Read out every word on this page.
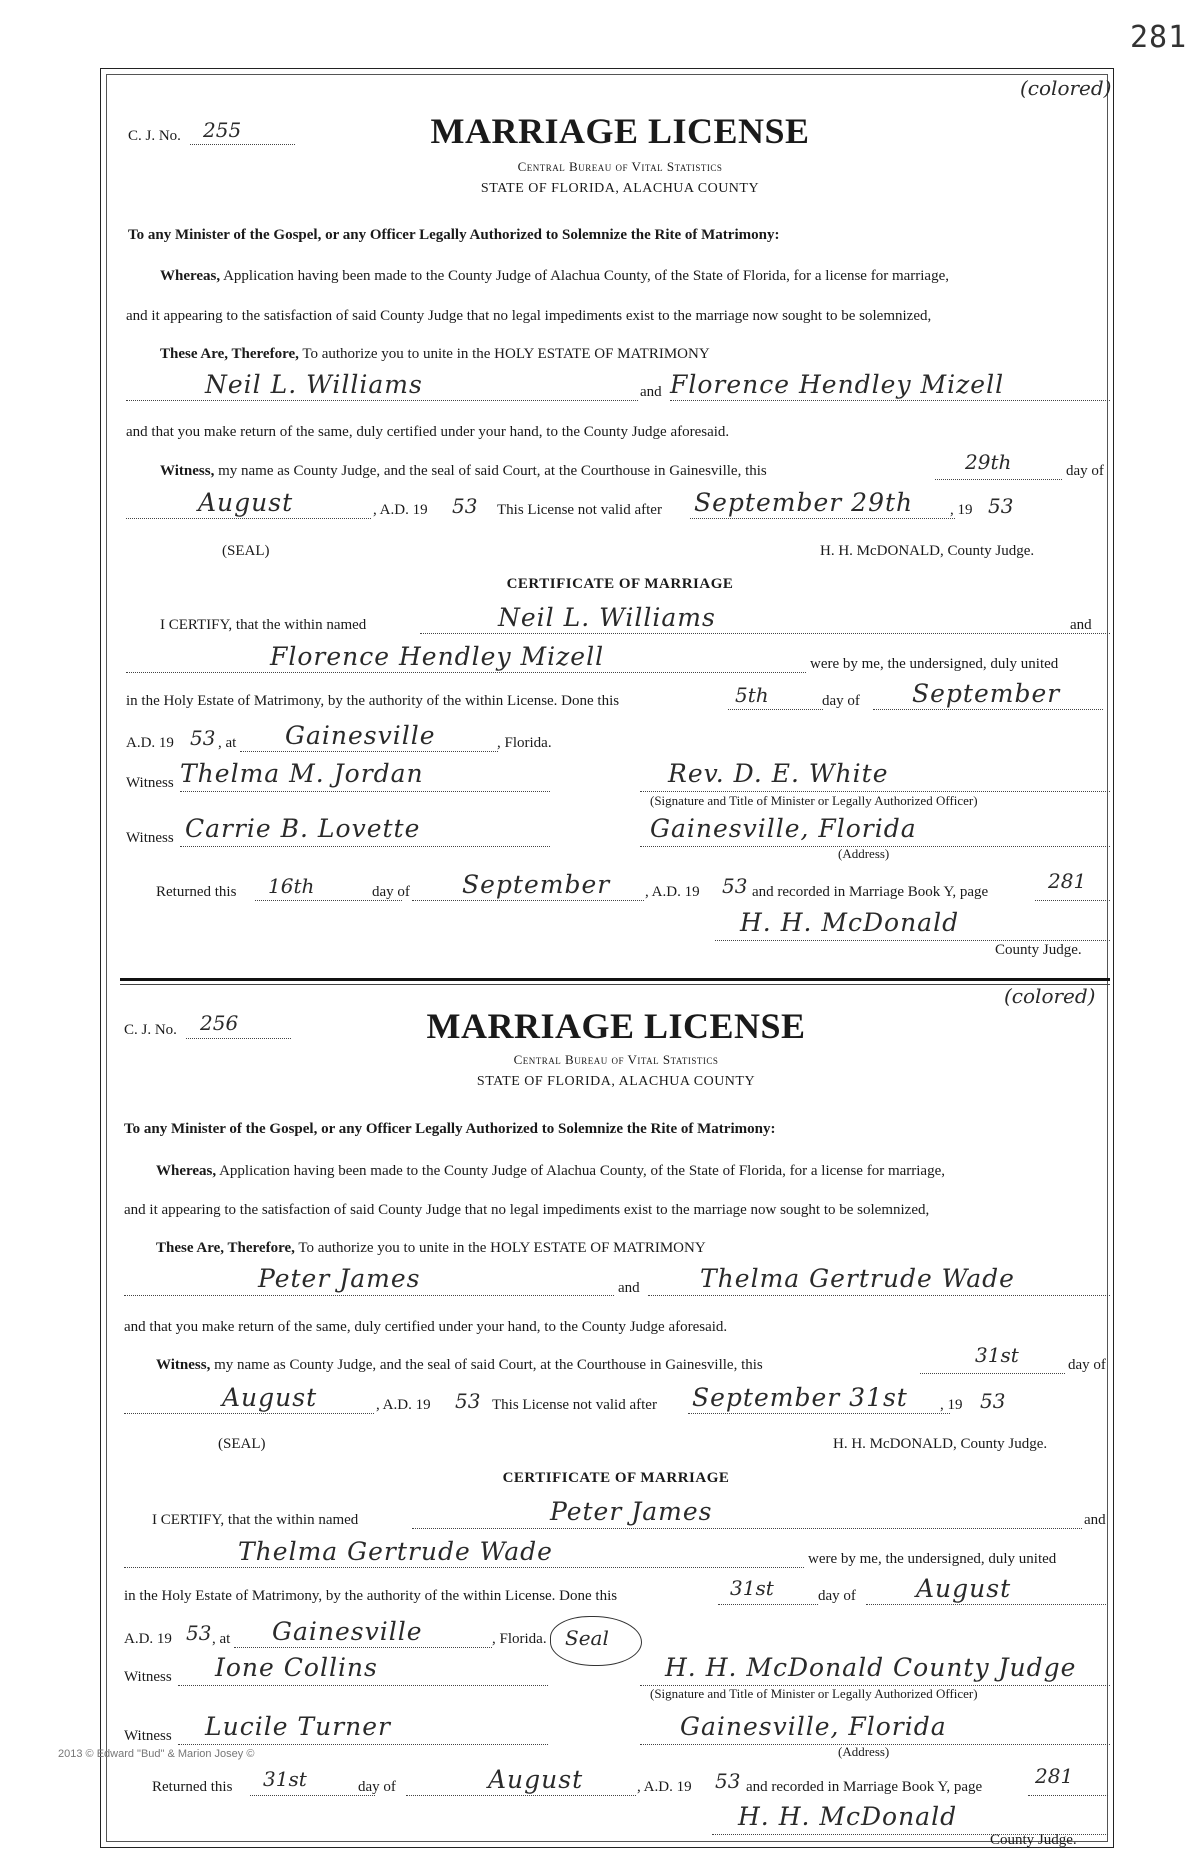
281
(colored)
C. J. No. 255	MARRIAGE LICENSE
Central Bureau of Vital Statistics
STATE OF FLORIDA, ALACHUA COUNTY
To any Minister of the Gospel, or any Officer Legally Authorized to Solemnize the Rite of Matrimony:
Whereas, Application having been made to the County Judge of Alachua County, of the State of Florida, for a license for marriage,
and it appearing to the satisfaction of said County Judge that no legal impediments exist to the marriage now sought to be solemnized,
These Are, Therefore, To authorize you to unite in the HOLY ESTATE OF MATRIMONY
Neil L. Williams	and Florence Hendley Mizell
and that you make return of the same, duly certified under your hand, to the County Judge aforesaid.
Witness, my name as County Judge, and the seal of said Court, at the Courthouse in Gainesville, this	29th	day of
August	, A.D. 19 53 This License not valid after September 29th , 19 53
(SEAL)	H. H. McDONALD, County Judge.
CERTIFICATE OF MARRIAGE
I CERTIFY, that the within named	Neil L. Williams	and
Florence Hendley Mizell	were by me, the undersigned, duly united
in the Holy Estate of Matrimony, by the authority of the within License. Done this	5th	day of September
A.D. 19 53 , at Gainesville	, Florida.
Witness Thelma M. Jordan	Rev. D. E. White
(Signature and Title of Minister or Legally Authorized Officer)
Witness Carrie B. Lovette	Gainesville, Florida
(Address)
Returned this 16th	day of September , A.D. 19 53 and recorded in Marriage Book Y, page	281
H. H. McDonald
County Judge.
(colored)
C. J. No. 256	MARRIAGE LICENSE
Central Bureau of Vital Statistics
STATE OF FLORIDA, ALACHUA COUNTY
To any Minister of the Gospel, or any Officer Legally Authorized to Solemnize the Rite of Matrimony:
Whereas, Application having been made to the County Judge of Alachua County, of the State of Florida, for a license for marriage,
and it appearing to the satisfaction of said County Judge that no legal impediments exist to the marriage now sought to be solemnized,
These Are, Therefore, To authorize you to unite in the HOLY ESTATE OF MATRIMONY
Peter James	and Thelma Gertrude Wade
and that you make return of the same, duly certified under your hand, to the County Judge aforesaid.
Witness, my name as County Judge, and the seal of said Court, at the Courthouse in Gainesville, this	31st	day of
August	, A.D. 19 53 This License not valid after September 31st , 19 53
(SEAL)	H. H. McDONALD, County Judge.
CERTIFICATE OF MARRIAGE
I CERTIFY, that the within named	Peter James	and
Thelma Gertrude Wade	were by me, the undersigned, duly united
in the Holy Estate of Matrimony, by the authority of the within License. Done this	31st	day of August
A.D. 19 53 , at Gainesville	, Florida. Seal
Witness Ione Collins	H. H. McDonald County Judge
(Signature and Title of Minister or Legally Authorized Officer)
Witness Lucile Turner	Gainesville, Florida
(Address)
Returned this 31st	day of	August	, A.D. 19 53 and recorded in Marriage Book Y, page	281
H. H. McDonald
County Judge.
2013 © Edward "Bud" & Marion Josey ©
